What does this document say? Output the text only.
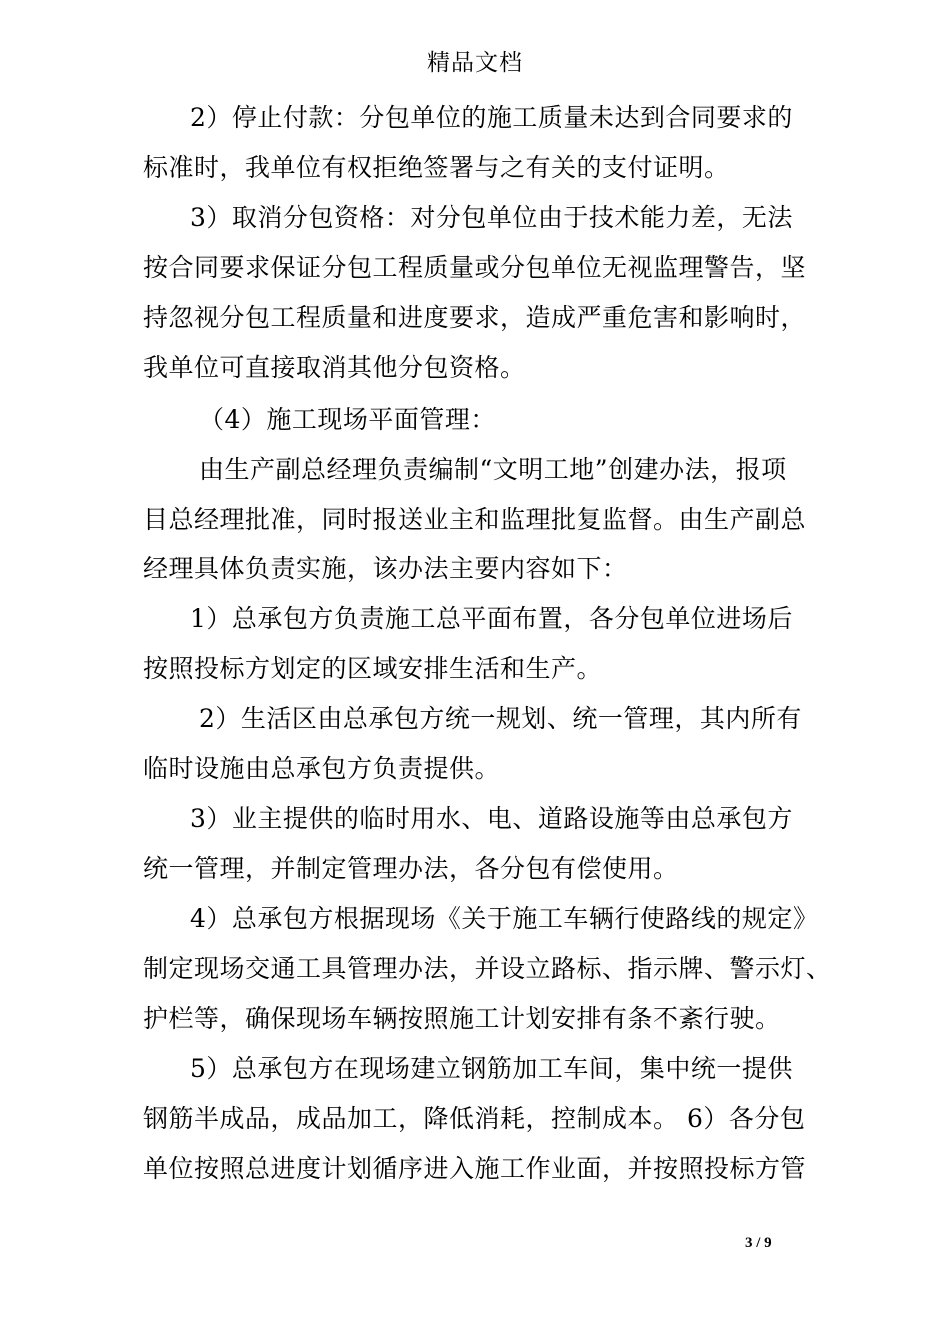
精品文档
2）停止付款：分包单位的施工质量未达到合同要求的
标准时，我单位有权拒绝签署与之有关的支付证明。
3）取消分包资格：对分包单位由于技术能力差，无法
按合同要求保证分包工程质量或分包单位无视监理警告，坚
持忽视分包工程质量和进度要求，造成严重危害和影响时，
我单位可直接取消其他分包资格。
（4）施工现场平面管理：
由生产副总经理负责编制“文明工地”创建办法，报项
目总经理批准，同时报送业主和监理批复监督。由生产副总
经理具体负责实施，该办法主要内容如下：
1）总承包方负责施工总平面布置，各分包单位进场后
按照投标方划定的区域安排生活和生产。
2）生活区由总承包方统一规划、统一管理，其内所有
临时设施由总承包方负责提供。
3）业主提供的临时用水、电、道路设施等由总承包方
统一管理，并制定管理办法，各分包有偿使用。
4）总承包方根据现场《关于施工车辆行使路线的规定》
制定现场交通工具管理办法，并设立路标、指示牌、警示灯、
护栏等，确保现场车辆按照施工计划安排有条不紊行驶。
5）总承包方在现场建立钢筋加工车间，集中统一提供
钢筋半成品，成品加工，降低消耗，控制成本。 6）各分包
单位按照总进度计划循序进入施工作业面，并按照投标方管
3 / 9
